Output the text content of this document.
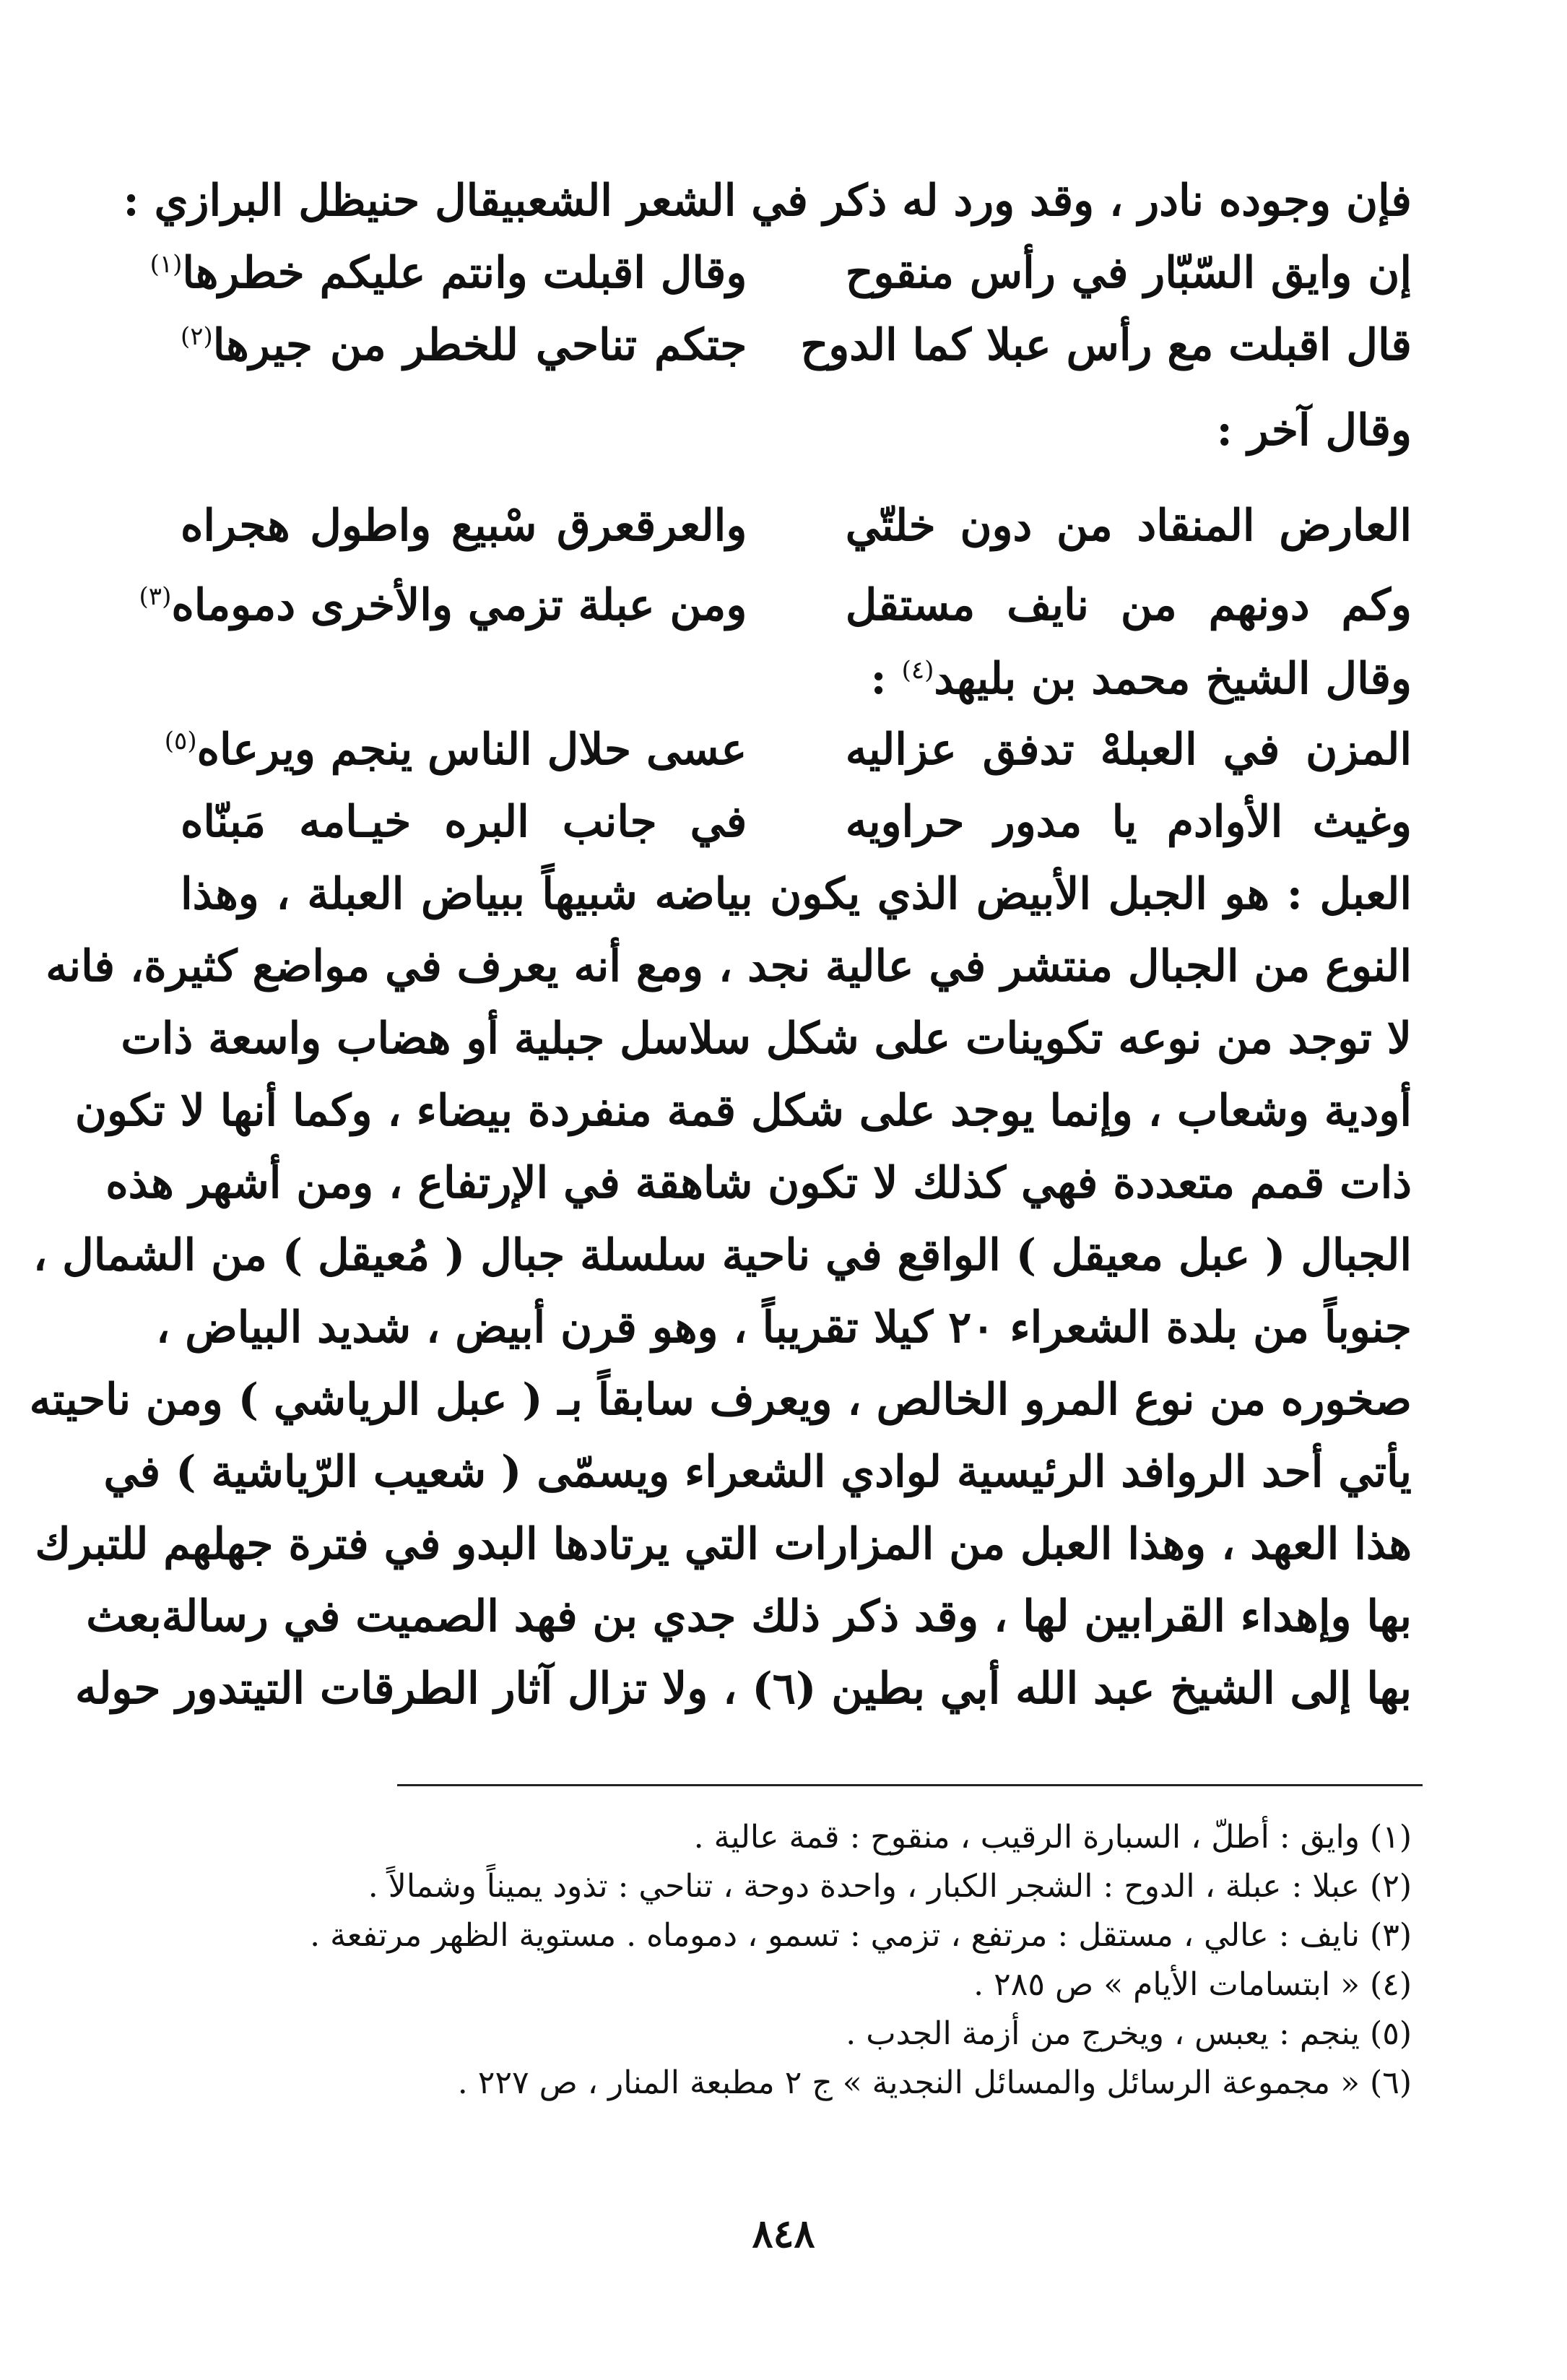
فإن وجوده نادر ، وقد ورد له ذكر في الشعر الشعبيقال حنيظل البرازي :
إن وايق السّبّار في رأس منقوح
وقال اقبلت وانتم عليكم خطرها$^{(١)}$
قال اقبلت مع رأس عبلا كما الدوح
جتكم تناحي للخطر من جيرها$^{(٢)}$
وقال آخر :
العارض المنقاد من دون خلتّي
والعرقعرق سْبيع واطول هجراه
وكم دونهم من نايف مستقل
ومن عبلة تزمي والأخرى دموماه$^{(٣)}$
وقال الشيخ محمد بن بليهد$^{(٤)}$ :
المزن في العبلهْ تدفق عزاليه
عسى حلال الناس ينجم ويرعاه$^{(٥)}$
وغيث الأوادم يا مدور حراويه
في جانب البره خيـامه مَبنّاه
العبل : هو الجبل الأبيض الذي يكون بياضه شبيهاً ببياض العبلة ، وهذا
النوع من الجبال منتشر في عالية نجد ، ومع أنه يعرف في مواضع كثيرة، فانه
لا توجد من نوعه تكوينات على شكل سلاسل جبلية أو هضاب واسعة ذات
أودية وشعاب ، وإنما يوجد على شكل قمة منفردة بيضاء ، وكما أنها لا تكون
ذات قمم متعددة فهي كذلك لا تكون شاهقة في الإرتفاع ، ومن أشهر هذه
الجبال ( عبل معيقل ) الواقع في ناحية سلسلة جبال ( مُعيقل ) من الشمال ،
جنوباً من بلدة الشعراء ٢٠ كيلا تقريباً ، وهو قرن أبيض ، شديد البياض ،
صخوره من نوع المرو الخالص ، ويعرف سابقاً بـ ( عبل الرياشي ) ومن ناحيته
يأتي أحد الروافد الرئيسية لوادي الشعراء ويسمّى ( شعيب الرّياشية ) في
هذا العهد ، وهذا العبل من المزارات التي يرتادها البدو في فترة جهلهم للتبرك
بها وإهداء القرابين لها ، وقد ذكر ذلك جدي بن فهد الصميت في رسالةبعث
بها إلى الشيخ عبد الله أبي بطين (٦) ، ولا تزال آثار الطرقات التيتدور حوله
(١) وايق : أطلّ ، السبارة الرقيب ، منقوح : قمة عالية .
(٢) عبلا : عبلة ، الدوح : الشجر الكبار ، واحدة دوحة ، تناحي : تذود يميناً وشمالاً .
(٣) نايف : عالي ، مستقل : مرتفع ، تزمي : تسمو ، دموماه . مستوية الظهر مرتفعة .
(٤) « ابتسامات الأيام » ص ٢٨٥ .
(٥) ينجم : يعبس ، ويخرج من أزمة الجدب .
(٦) « مجموعة الرسائل والمسائل النجدية » ج ٢ مطبعة المنار ، ص ٢٢٧ .
٨٤٨
